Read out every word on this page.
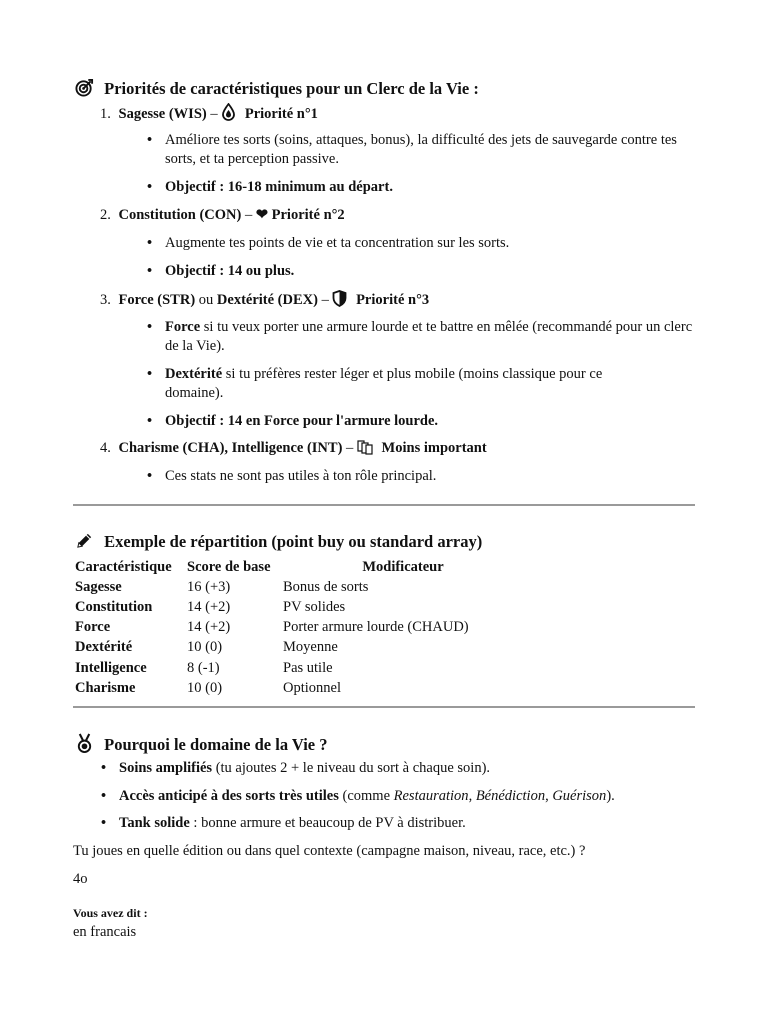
Priorités de caractéristiques pour un Clerc de la Vie :
1. Sagesse (WIS) –  Priorité n°1
• Améliore tes sorts (soins, attaques, bonus), la difficulté des jets de sauvegarde contre tes sorts, et ta perception passive.
• Objectif : 16-18 minimum au départ.
2. Constitution (CON) – ❤ Priorité n°2
• Augmente tes points de vie et ta concentration sur les sorts.
• Objectif : 14 ou plus.
3. Force (STR) ou Dextérité (DEX) –  Priorité n°3
• Force si tu veux porter une armure lourde et te battre en mêlée (recommandé pour un clerc de la Vie).
• Dextérité si tu préfères rester léger et plus mobile (moins classique pour ce domaine).
• Objectif : 14 en Force pour l'armure lourde.
4. Charisme (CHA), Intelligence (INT) –  Moins important
• Ces stats ne sont pas utiles à ton rôle principal.
Exemple de répartition (point buy ou standard array)
Caractéristique	Score de base	Modificateur
Sagesse	16 (+3)	Bonus de sorts
Constitution	14 (+2)	PV solides
Force	14 (+2)	Porter armure lourde (CHAUD)
Dextérité	10 (0)	Moyenne
Intelligence	8 (-1)	Pas utile
Charisme	10 (0)	Optionnel
Pourquoi le domaine de la Vie ?
• Soins amplifiés (tu ajoutes 2 + le niveau du sort à chaque soin).
• Accès anticipé à des sorts très utiles (comme Restauration, Bénédiction, Guérison).
• Tank solide : bonne armure et beaucoup de PV à distribuer.
Tu joues en quelle édition ou dans quel contexte (campagne maison, niveau, race, etc.) ?
4o
Vous avez dit :
en francais
